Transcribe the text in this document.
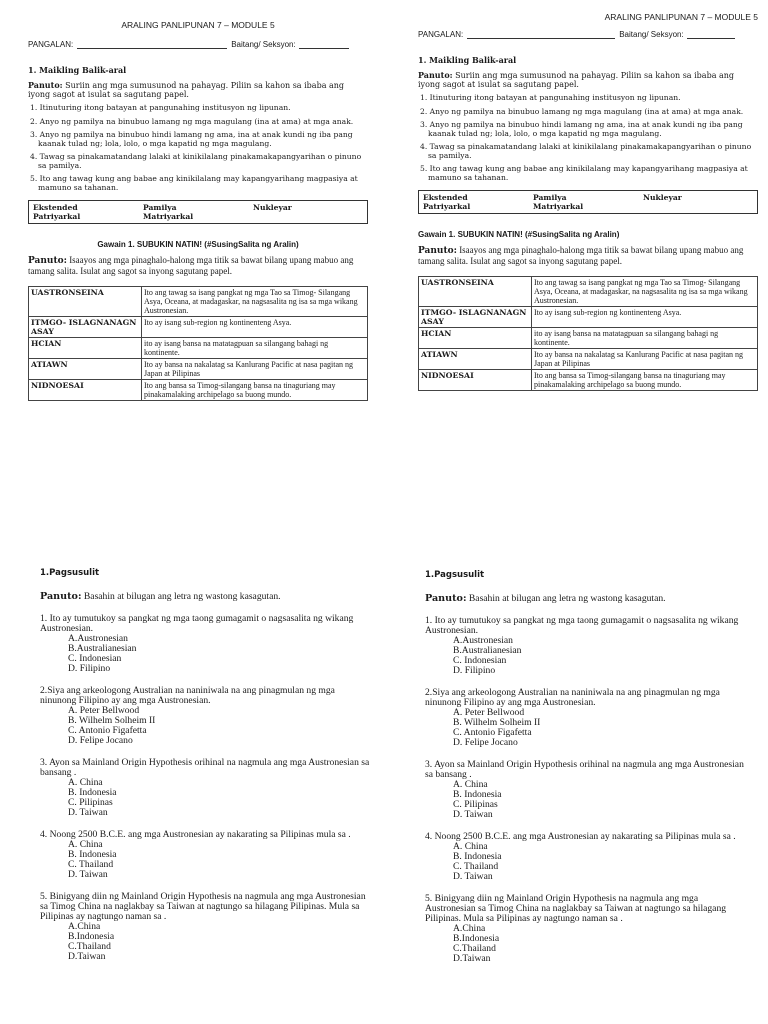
ARALING PANLIPUNAN 7 – MODULE 5
PANGALAN:	Baitang/ Seksyon:
1. Maikling Balik-aral
Panuto: Suriin ang mga sumusunod na pahayag. Piliin sa kahon sa ibaba ang iyong sagot at isulat sa sagutang papel.
1. Itinuturing itong batayan at pangunahing institusyon ng lipunan.
2. Anyo ng pamilya na binubuo lamang ng mga magulang (ina at ama) at mga anak.
3. Anyo ng pamilya na binubuo hindi lamang ng ama, ina at anak kundi ng iba pang kaanak tulad ng; lola, lolo, o mga kapatid ng mga magulang.
4. Tawag sa pinakamatandang lalaki at kinikilalang pinakamakapangyarihan o pinuno sa pamilya.
5. Ito ang tawag kung ang babae ang kinikilalang may kapangyarihang magpasiya at mamuno sa tahanan.
Ekstended	Pamilya	Nukleyar
Patriyarkal	Matriyarkal
Gawain 1. SUBUKIN NATIN! (#SusingSalita ng Aralin)
Panuto: Isaayos ang mga pinaghalo-halong mga titik sa bawat bilang upang mabuo ang tamang salita. Isulat ang sagot sa inyong sagutang papel.
UASTRONSEINA	Ito ang tawag sa isang pangkat ng mga Tao sa Timog- Silangang Asya, Oceana, at madagaskar, na nagsasalita ng isa sa mga wikang Austronesian.
ITMGO- ISLAGNANAGN ASAY	Ito ay isang sub-region ng kontinenteng Asya.
HCIAN	ito ay isang bansa na matatagpuan sa silangang bahagi ng kontinente.
ATIAWN	Ito ay bansa na nakalatag sa Kanlurang Pacific at nasa pagitan ng Japan at Pilipinas
NIDNOESAI	Ito ang bansa sa Timog-silangang bansa na tinaguriang may pinakamalaking archipelago sa buong mundo.
ARALING PANLIPUNAN 7 – MODULE 5
PANGALAN:	Baitang/ Seksyon:
1. Maikling Balik-aral
Panuto: Suriin ang mga sumusunod na pahayag. Piliin sa kahon sa ibaba ang iyong sagot at isulat sa sagutang papel.
1. Itinuturing itong batayan at pangunahing institusyon ng lipunan.
2. Anyo ng pamilya na binubuo lamang ng mga magulang (ina at ama) at mga anak.
3. Anyo ng pamilya na binubuo hindi lamang ng ama, ina at anak kundi ng iba pang kaanak tulad ng; lola, lolo, o mga kapatid ng mga magulang.
4. Tawag sa pinakamatandang lalaki at kinikilalang pinakamakapangyarihan o pinuno sa pamilya.
5. Ito ang tawag kung ang babae ang kinikilalang may kapangyarihang magpasiya at mamuno sa tahanan.
Ekstended	Pamilya	Nukleyar
Patriyarkal	Matriyarkal
Gawain 1. SUBUKIN NATIN! (#SusingSalita ng Aralin)
Panuto: Isaayos ang mga pinaghalo-halong mga titik sa bawat bilang upang mabuo ang tamang salita. Isulat ang sagot sa inyong sagutang papel.
UASTRONSEINA	Ito ang tawag sa isang pangkat ng mga Tao sa Timog- Silangang Asya, Oceana, at madagaskar, na nagsasalita ng isa sa mga wikang Austronesian.
ITMGO- ISLAGNANAGN ASAY	Ito ay isang sub-region ng kontinenteng Asya.
HCIAN	ito ay isang bansa na matatagpuan sa silangang bahagi ng kontinente.
ATIAWN	Ito ay bansa na nakalatag sa Kanlurang Pacific at nasa pagitan ng Japan at Pilipinas
NIDNOESAI	Ito ang bansa sa Timog-silangang bansa na tinaguriang may pinakamalaking archipelago sa buong mundo.
1.Pagsusulit
Panuto: Basahin at bilugan ang letra ng wastong kasagutan.
1. Ito ay tumutukoy sa pangkat ng mga taong gumagamit o nagsasalita ng wikang Austronesian.
A.Austronesian
B.Australianesian
C. Indonesian
D. Filipino
2.Siya ang arkeologong Australian na naniniwala na ang pinagmulan ng mga ninunong Filipino ay ang mga Austronesian.
A. Peter Bellwood
B. Wilhelm Solheim II
C. Antonio Figafetta
D. Felipe Jocano
3. Ayon sa Mainland Origin Hypothesis orihinal na nagmula ang mga Austronesian sa bansang .
A. China
B. Indonesia
C. Pilipinas
D. Taiwan
4. Noong 2500 B.C.E. ang mga Austronesian ay nakarating sa Pilipinas mula sa .
A. China
B. Indonesia
C. Thailand
D. Taiwan
5. Binigyang diin ng Mainland Origin Hypothesis na nagmula ang mga Austronesian sa Timog China na naglakbay sa Taiwan at nagtungo sa hilagang Pilipinas. Mula sa Pilipinas ay nagtungo naman sa .
A.China
B.Indonesia
C.Thailand
D.Taiwan
1.Pagsusulit
Panuto: Basahin at bilugan ang letra ng wastong kasagutan.
1. Ito ay tumutukoy sa pangkat ng mga taong gumagamit o nagsasalita ng wikang Austronesian.
A.Austronesian
B.Australianesian
C. Indonesian
D. Filipino
2.Siya ang arkeologong Australian na naniniwala na ang pinagmulan ng mga ninunong Filipino ay ang mga Austronesian.
A. Peter Bellwood
B. Wilhelm Solheim II
C. Antonio Figafetta
D. Felipe Jocano
3. Ayon sa Mainland Origin Hypothesis orihinal na nagmula ang mga Austronesian sa bansang .
A. China
B. Indonesia
C. Pilipinas
D. Taiwan
4. Noong 2500 B.C.E. ang mga Austronesian ay nakarating sa Pilipinas mula sa .
A. China
B. Indonesia
C. Thailand
D. Taiwan
5. Binigyang diin ng Mainland Origin Hypothesis na nagmula ang mga Austronesian sa Timog China na naglakbay sa Taiwan at nagtungo sa hilagang Pilipinas. Mula sa Pilipinas ay nagtungo naman sa .
A.China
B.Indonesia
C.Thailand
D.Taiwan
